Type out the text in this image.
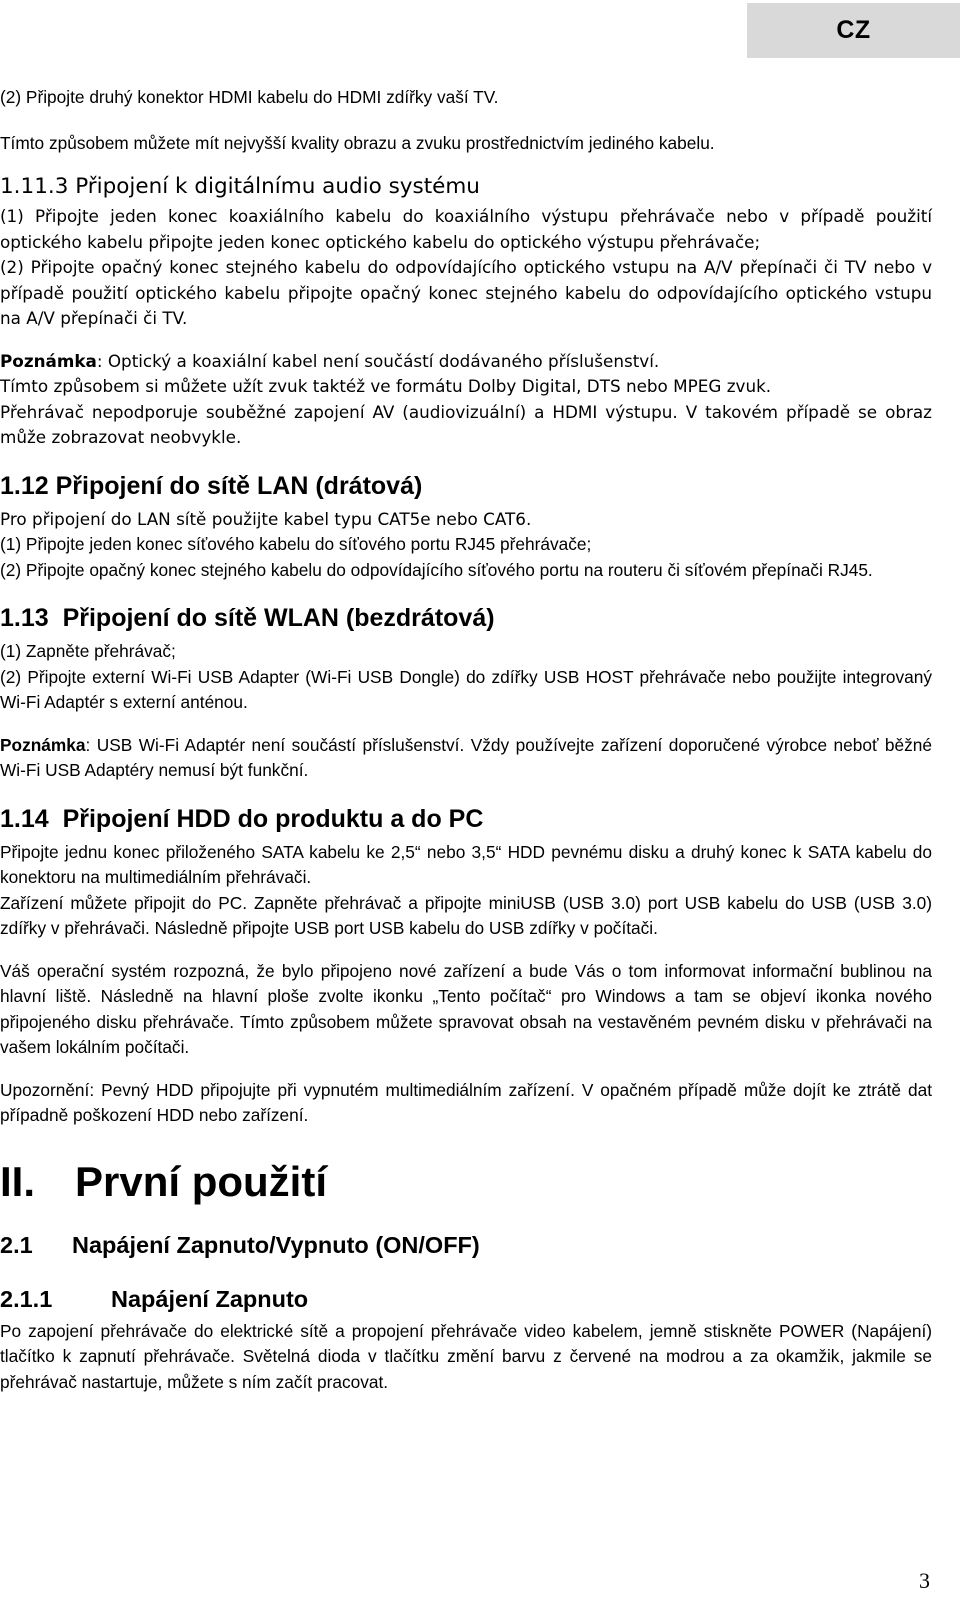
CZ

(2) Připojte druhý konektor HDMI kabelu do HDMI zdířky vaší TV.

Tímto způsobem můžete mít nejvyšší kvality obrazu a zvuku prostřednictvím jediného kabelu.

1.11.3 Připojení k digitálnímu audio systému

(1) Připojte jeden konec koaxiálního kabelu do koaxiálního výstupu přehrávače nebo v případě použití optického kabelu připojte jeden konec optického kabelu do optického výstupu přehrávače;

(2) Připojte opačný konec stejného kabelu do odpovídajícího optického vstupu na A/V přepínači či TV nebo v případě použití optického kabelu připojte opačný konec stejného kabelu do odpovídajícího optického vstupu na A/V přepínači či TV.

Poznámka: Optický a koaxiální kabel není součástí dodávaného příslušenství.

Tímto způsobem si můžete užít zvuk taktéž ve formátu Dolby Digital, DTS nebo MPEG zvuk.

Přehrávač nepodporuje souběžné zapojení AV (audiovizuální) a HDMI výstupu. V takovém případě se obraz může zobrazovat neobvykle.

1.12 Připojení do sítě LAN (drátová)

Pro připojení do LAN sítě použijte kabel typu CAT5e nebo CAT6.

(1) Připojte jeden konec síťového kabelu do síťového portu RJ45 přehrávače;

(2) Připojte opačný konec stejného kabelu do odpovídajícího síťového portu na routeru či síťovém přepínači RJ45.

1.13 Připojení do sítě WLAN (bezdrátová)

(1) Zapněte přehrávač;

(2) Připojte externí Wi-Fi USB Adapter (Wi-Fi USB Dongle) do zdířky USB HOST přehrávače nebo použijte integrovaný Wi-Fi Adaptér s externí anténou.

Poznámka: USB Wi-Fi Adaptér není součástí příslušenství. Vždy používejte zařízení doporučené výrobce neboť běžné Wi-Fi USB Adaptéry nemusí být funkční.

1.14 Připojení HDD do produktu a do PC

Připojte jednu konec přiloženého SATA kabelu ke 2,5“ nebo 3,5“ HDD pevnému disku a druhý konec k SATA kabelu do konektoru na multimediálním přehrávači.

Zařízení můžete připojit do PC. Zapněte přehrávač a připojte miniUSB (USB 3.0) port USB kabelu do USB (USB 3.0) zdířky v přehrávači. Následně připojte USB port USB kabelu do USB zdířky v počítači.

Váš operační systém rozpozná, že bylo připojeno nové zařízení a bude Vás o tom informovat informační bublinou na hlavní liště. Následně na hlavní ploše zvolte ikonku „Tento počítač“ pro Windows a tam se objeví ikonka nového připojeného disku přehrávače. Tímto způsobem můžete spravovat obsah na vestavěném pevném disku v přehrávači na vašem lokálním počítači.

Upozornění: Pevný HDD připojujte při vypnutém multimediálním zařízení. V opačném případě může dojít ke ztrátě dat případně poškození HDD nebo zařízení.

II. První použití
2.1 Napájení Zapnuto/Vypnuto (ON/OFF)
2.1.1 Napájení Zapnuto

Po zapojení přehrávače do elektrické sítě a propojení přehrávače video kabelem, jemně stiskněte POWER (Napájení) tlačítko k zapnutí přehrávače. Světelná dioda v tlačítku změní barvu z červené na modrou a za okamžik, jakmile se přehrávač nastartuje, můžete s ním začít pracovat.

3
